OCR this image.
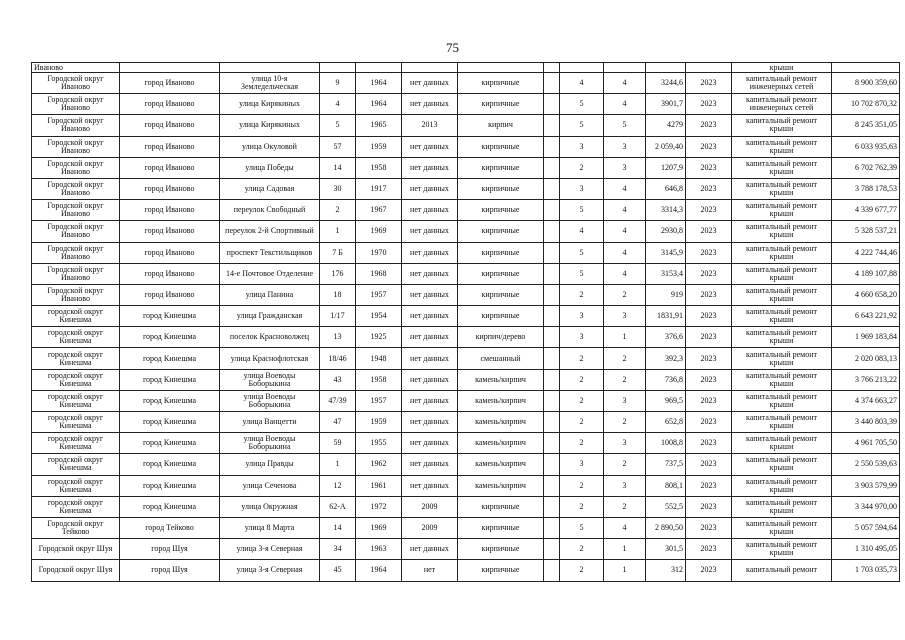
75
Иваново												крыши	
Городской округ Иваново	город Иваново	улица 10-я Земледельческая	9	1964	нет данных	кирпичные		4	4	3244,6	2023	капитальный ремонт инженерных сетей	8 900 359,60
Городской округ Иваново	город Иваново	улица Кирякиных	4	1964	нет данных	кирпичные		5	4	3901,7	2023	капитальный ремонт инженерных сетей	10 702 870,32
Городской округ Иваново	город Иваново	улица Кирякиных	5	1965	2013	кирпич		5	5	4279	2023	капитальный ремонт крыши	8 245 351,05
Городской округ Иваново	город Иваново	улица Окуловой	57	1959	нет данных	кирпичные		3	3	2 059,40	2023	капитальный ремонт крыши	6 033 935,63
Городской округ Иваново	город Иваново	улица Победы	14	1958	нет данных	кирпичные		2	3	1207,9	2023	капитальный ремонт крыши	6 702 762,39
Городской округ Иваново	город Иваново	улица Садовая	30	1917	нет данных	кирпичные		3	4	646,8	2023	капитальный ремонт крыши	3 788 178,53
Городской округ Иваново	город Иваново	переулок Свободный	2	1967	нет данных	кирпичные		5	4	3314,3	2023	капитальный ремонт крыши	4 339 677,77
Городской округ Иваново	город Иваново	переулок 2-й Спортивный	1	1969	нет данных	кирпичные		4	4	2930,8	2023	капитальный ремонт крыши	5 328 537,21
Городской округ Иваново	город Иваново	проспект Текстильщиков	7 Б	1970	нет данных	кирпичные		5	4	3145,9	2023	капитальный ремонт крыши	4 222 744,46
Городской округ Иваново	город Иваново	14-е Почтовое Отделение	176	1968	нет данных	кирпичные		5	4	3153,4	2023	капитальный ремонт крыши	4 189 107,88
Городской округ Иваново	город Иваново	улица Панина	18	1957	нет данных	кирпичные		2	2	919	2023	капитальный ремонт крыши	4 660 658,20
городской округ Кинешма	город Кинешма	улица Гражданская	1/17	1954	нет данных	кирпичные		3	3	1831,91	2023	капитальный ремонт крыши	6 643 221,92
городской округ Кинешма	город Кинешма	поселок Красноволжец	13	1925	нет данных	кирпич/дерево		3	1	376,6	2023	капитальный ремонт крыши	1 969 183,84
городской округ Кинешма	город Кинешма	улица Краснофлотская	18/46	1948	нет данных	смешанный		2	2	392,3	2023	капитальный ремонт крыши	2 020 083,13
городской округ Кинешма	город Кинешма	улица Воеводы Боборыкина	43	1958	нет данных	камень/кирпич		2	2	736,8	2023	капитальный ремонт крыши	3 766 213,22
городской округ Кинешма	город Кинешма	улица Воеводы Боборыкина	47/39	1957	нет данных	камень/кирпич		2	3	969,5	2023	капитальный ремонт крыши	4 374 663,27
городской округ Кинешма	город Кинешма	улица Ванцетти	47	1959	нет данных	камень/кирпич		2	2	652,8	2023	капитальный ремонт крыши	3 440 803,39
городской округ Кинешма	город Кинешма	улица Воеводы Боборыкина	59	1955	нет данных	камень/кирпич		2	3	1008,8	2023	капитальный ремонт крыши	4 961 705,50
городской округ Кинешма	город Кинешма	улица Правды	1	1962	нет данных	камень/кирпич		3	2	737,5	2023	капитальный ремонт крыши	2 550 539,63
городской округ Кинешма	город Кинешма	улица Сеченова	12	1961	нет данных	камень/кирпич		2	3	808,1	2023	капитальный ремонт крыши	3 903 579,99
городской округ Кинешма	город Кинешма	улица Окружная	62-А	1972	2009	кирпичные		2	2	552,5	2023	капитальный ремонт крыши	3 344 970,00
Городской округ Тейково	город Тейково	улица 8 Марта	14	1969	2009	кирпичные		5	4	2 890,50	2023	капитальный ремонт крыши	5 057 594,64
Городской округ Шуя	город Шуя	улица 3-я Северная	34	1963	нет данных	кирпичные		2	1	301,5	2023	капитальный ремонт крыши	1 310 495,05
Городской округ Шуя	город Шуя	улица 3-я Северная	45	1964	нет	кирпичные		2	1	312	2023	капитальный ремонт	1 703 035,73
